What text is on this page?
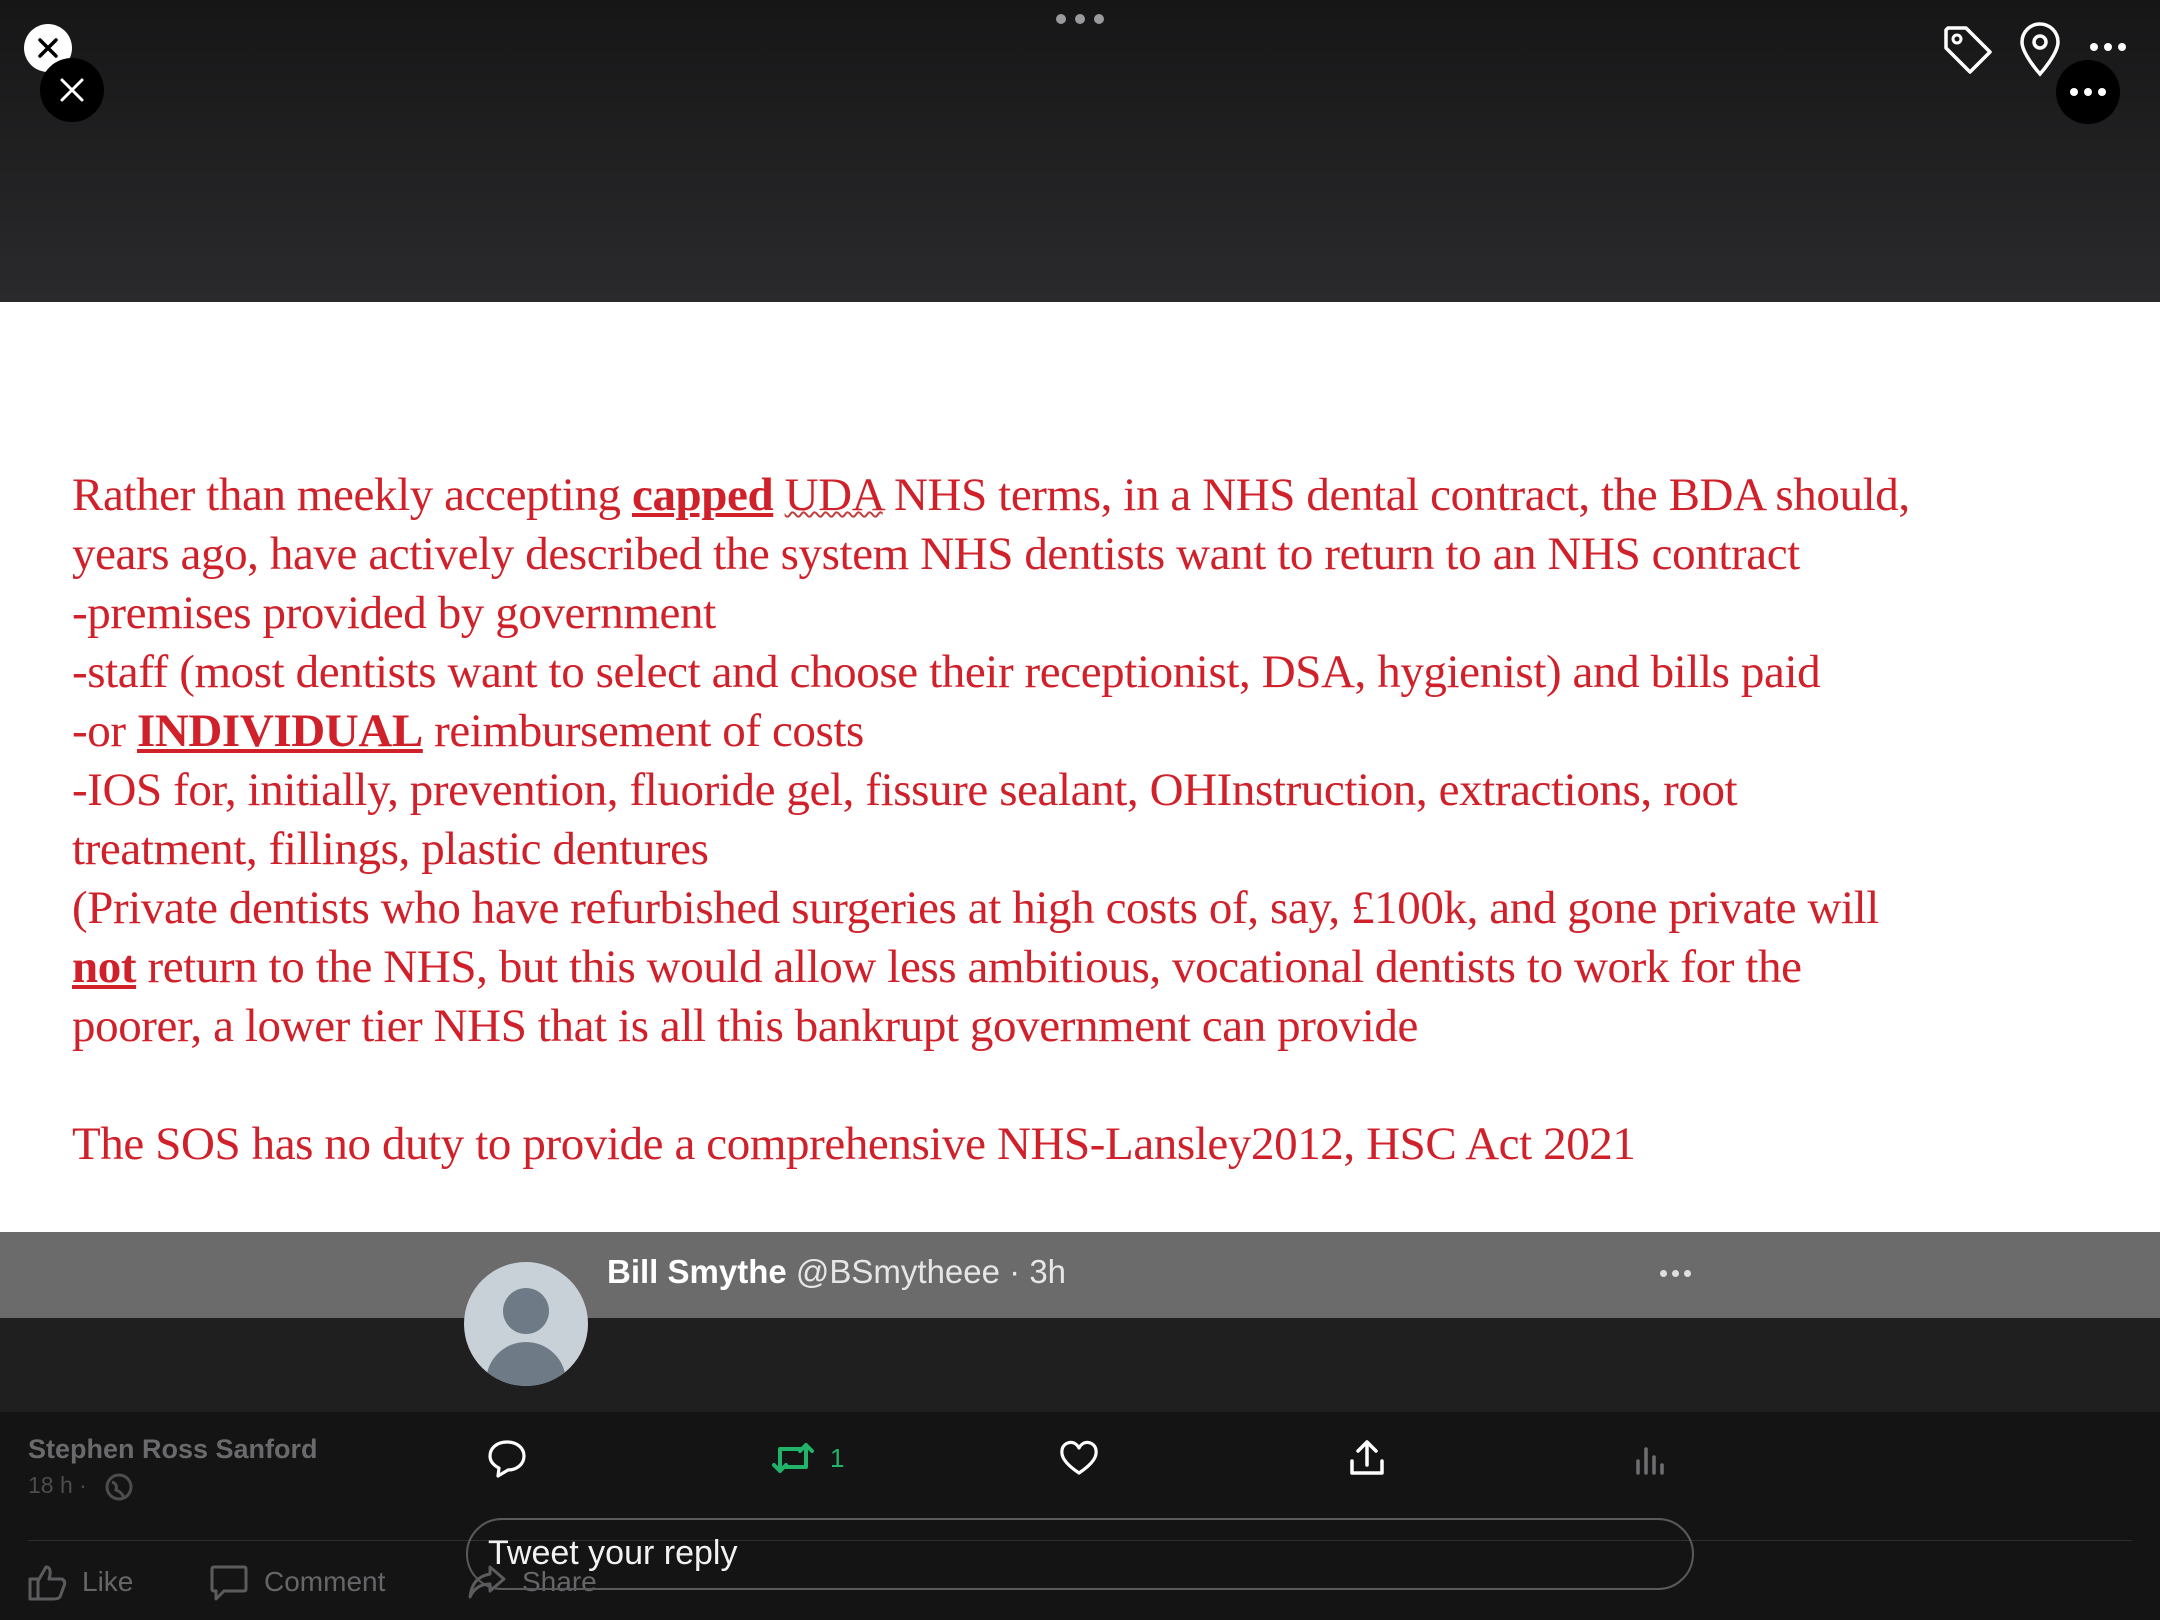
Rather than meekly accepting capped UDA NHS terms, in a NHS dental contract, the BDA should,
years ago, have actively described the system NHS dentists want to return to an NHS contract
-premises provided by government
-staff (most dentists want to select and choose their receptionist, DSA, hygienist) and bills paid
-or INDIVIDUAL reimbursement of costs
-IOS for, initially, prevention, fluoride gel, fissure sealant, OHInstruction, extractions, root
treatment, fillings, plastic dentures
(Private dentists who have refurbished surgeries at high costs of, say, £100k, and gone private will
not return to the NHS, but this would allow less ambitious, vocational dentists to work for the
poorer, a lower tier NHS that is all this bankrupt government can provide
The SOS has no duty to provide a comprehensive NHS-Lansley2012, HSC Act 2021
Bill Smythe @BSmytheee · 3h
Stephen Ross Sanford
18 h ·
Like	Comment	Share
1
Tweet your reply
